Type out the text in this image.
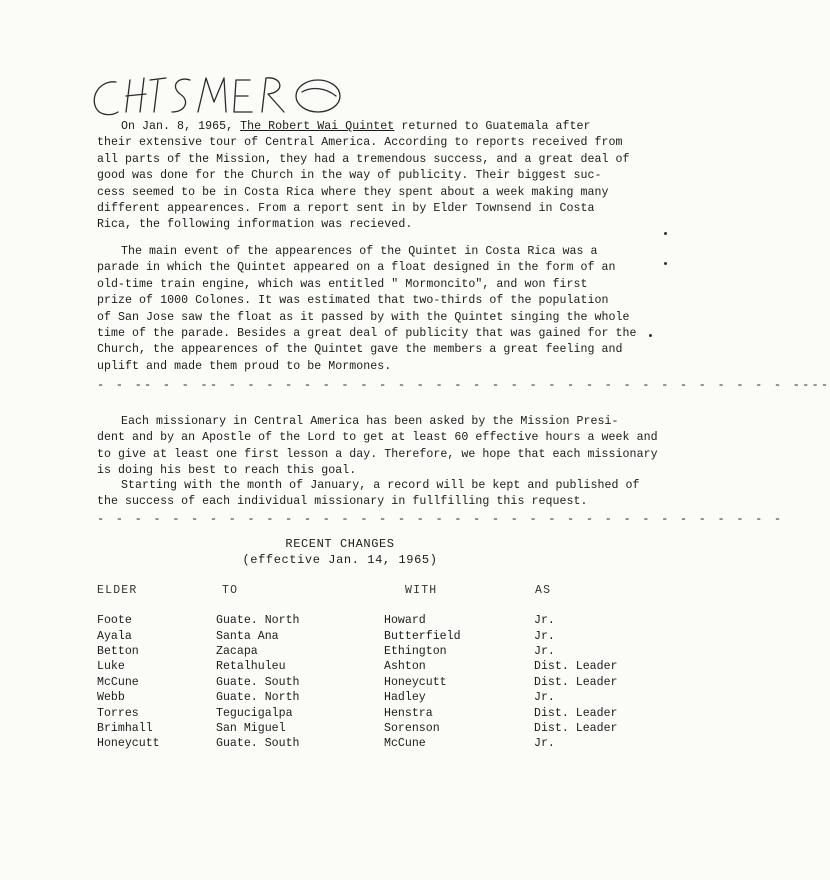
On Jan. 8, 1965, The Robert Wai Quintet returned to Guatemala after
their extensive tour of Central America. According to reports received from
all parts of the Mission, they had a tremendous success, and a great deal of
good was done for the Church in the way of publicity. Their biggest suc-
cess seemed to be in Costa Rica where they spent about a week making many
different appearences. From a report sent in by Elder Townsend in Costa
Rica, the following information was recieved.
The main event of the appearences of the Quintet in Costa Rica was a
parade in which the Quintet appeared on a float designed in the form of an
old-time train engine, which was entitled " Mormoncito", and won first
prize of 1000 Colones. It was estimated that two-thirds of the population
of San Jose saw the float as it passed by with the Quintet singing the whole
time of the parade. Besides a great deal of publicity that was gained for the
Church, the appearences of the Quintet gave the members a great feeling and
uplift and made them proud to be Mormones.
- - -- - - -- - - - - - - - - - - - - - - - - - - - - - - - - - - - - - - ----
Each missionary in Central America has been asked by the Mission Presi-
dent and by an Apostle of the Lord to get at least 60 effective hours a week and
to give at least one first lesson a day. Therefore, we hope that each missionary
is doing his best to reach this goal.
Starting with the month of January, a record will be kept and published of
the success of each individual missionary in fullfilling this request.
- - - - - - - - - - - - - - - - - - - - - - - - - - - - - - - - - - - - -
RECENT CHANGES
(effective Jan. 14, 1965)
ELDER	TO	WITH	AS
Foote	Guate. North	Howard	Jr.
Ayala	Santa Ana	Butterfield	Jr.
Betton	Zacapa	Ethington	Jr.
Luke	Retalhuleu	Ashton	Dist. Leader
McCune	Guate. South	Honeycutt	Dist. Leader
Webb	Guate. North	Hadley	Jr.
Torres	Tegucigalpa	Henstra	Dist. Leader
Brimhall	San Miguel	Sorenson	Dist. Leader
Honeycutt	Guate. South	McCune	Jr.
